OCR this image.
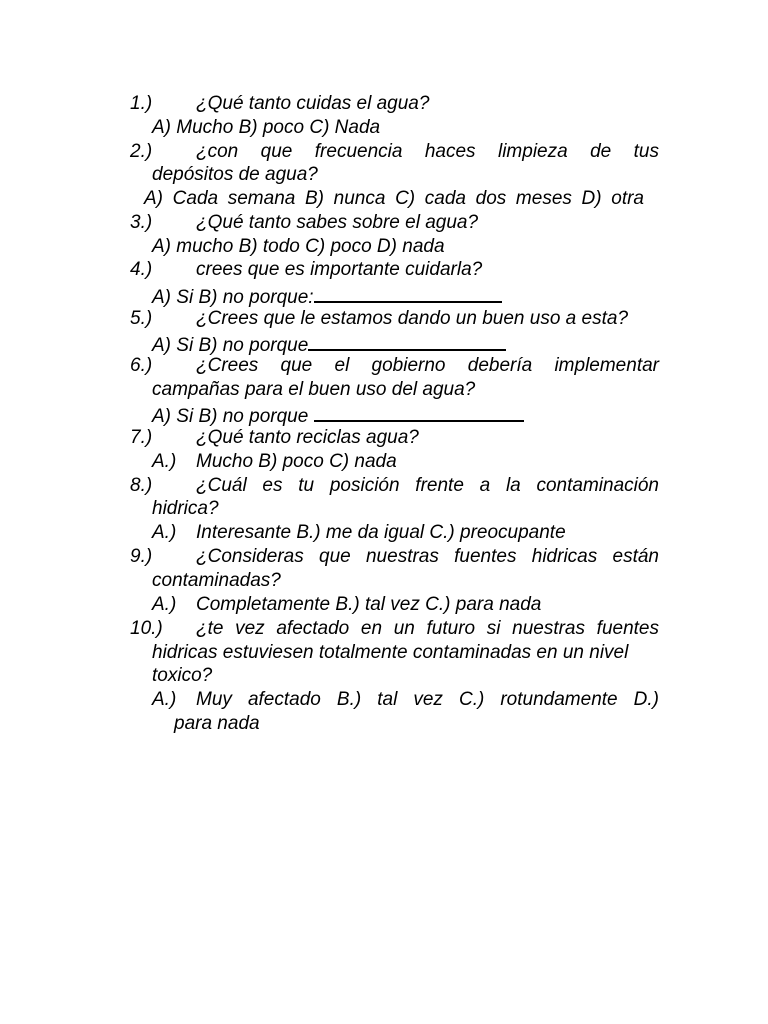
1.) ¿Qué tanto cuidas el agua?
A) Mucho B) poco C) Nada
2.) ¿con que frecuencia haces limpieza de tus
depósitos de agua?
A) Cada semana B) nunca C) cada dos meses D) otra
3.) ¿Qué tanto sabes sobre el agua?
A) mucho B) todo C) poco D) nada
4.) crees que es importante cuidarla?
A) Si B) no porque:
5.) ¿Crees que le estamos dando un buen uso a esta?
A) Si B) no porque
6.) ¿Crees que el gobierno debería implementar
campañas para el buen uso del agua?
A) Si B) no porque
7.) ¿Qué tanto reciclas agua?
A.) Mucho B) poco C) nada
8.) ¿Cuál es tu posición frente a la contaminación
hidrica?
A.) Interesante B.) me da igual C.) preocupante
9.) ¿Consideras que nuestras fuentes hidricas están
contaminadas?
A.) Completamente B.) tal vez C.) para nada
10.) ¿te vez afectado en un futuro si nuestras fuentes
hidricas estuviesen totalmente contaminadas en un nivel
toxico?
A.) Muy afectado B.) tal vez C.) rotundamente D.)
para nada
